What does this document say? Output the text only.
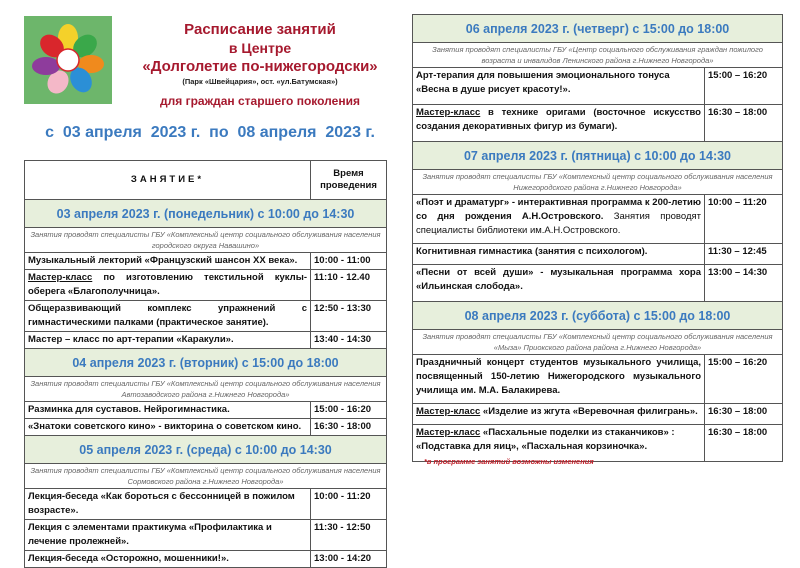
Расписание занятий
в Центре
«Долголетие по-нижегородски»
(Парк «Швейцария», ост. «ул.Батумская»)
для граждан старшего поколения
с  03 апреля  2023 г.  по  08 апреля  2023 г.
ЗАНЯТИЕ*	Время проведения
03 апреля 2023 г. (понедельник) с 10:00 до 14:30	
Занятия проводят специалисты ГБУ «Комплексный центр социального обслуживания населения городского округа Навашино»	
Музыкальный лекторий «Французский шансон XX века».	10:00 - 11:00
Мастер-класс по изготовлению текстильной куклы-оберега «Благополучница».	11:10 - 12.40
Общеразвивающий комплекс упражнений с гимнастическими палками (практическое занятие).	12:50 - 13:30
Мастер – класс по арт-терапии «Каракули».	13:40 - 14:30
04 апреля 2023 г. (вторник) с 15:00 до 18:00	
Занятия проводят специалисты ГБУ «Комплексный центр социального обслуживания населения Автозаводского района г.Нижнего Новгорода»	
Разминка для суставов. Нейрогимнастика.	15:00 - 16:20
«Знатоки советского кино» - викторина о советском кино.	16:30 - 18:00
05 апреля 2023 г. (среда) с 10:00 до 14:30	
Занятия проводят специалисты ГБУ «Комплексный центр социального обслуживания населения Сормовского района г.Нижнего Новгорода»	
Лекция-беседа «Как бороться с бессонницей в пожилом возрасте».	10:00 - 11:20
Лекция с элементами практикума «Профилактика и лечение пролежней».	11:30 - 12:50
Лекция-беседа «Осторожно, мошенники!».	13:00 - 14:20
06 апреля 2023 г. (четверг) с 15:00 до 18:00	
Занятия проводят специалисты ГБУ «Центр социального обслуживания граждан пожилого возраста и инвалидов Ленинского района г.Нижнего Новгорода»	
Арт-терапия для повышения эмоционального тонуса «Весна в душе рисует красоту!».	15:00 – 16:20
Мастер-класс в технике оригами (восточное искусство создания декоративных фигур из бумаги).	16:30 – 18:00
07 апреля 2023 г. (пятница) с 10:00 до 14:30	
Занятия проводят специалисты ГБУ «Комплексный центр социального обслуживания населения Нижегородского района г.Нижнего Новгорода»	
«Поэт и драматург» - интерактивная программа к 200-летию со дня рождения А.Н.Островского. Занятия проводят специалисты библиотеки им.А.Н.Островского.	10:00 – 11:20
Когнитивная гимнастика (занятия с психологом).	11:30 – 12:45
«Песни от всей души» - музыкальная программа хора «Ильинская слобода».	13:00 – 14:30
08 апреля 2023 г. (суббота) с 15:00 до 18:00	
Занятия проводят специалисты ГБУ «Комплексный центр социального обслуживания населения «Мыза» Приокского района района г.Нижнего Новгорода»	
Праздничный концерт студентов музыкального училища, посвященный 150-летию Нижегородского музыкального училища им. М.А. Балакирева.	15:00 – 16:20
Мастер-класс «Изделие из жгута «Веревочная филигрань».	16:30 – 18:00
Мастер-класс «Пасхальные поделки из стаканчиков» : «Подставка для яиц», «Пасхальная корзиночка».	16:30 – 18:00
*в программе занятий возможны изменения
